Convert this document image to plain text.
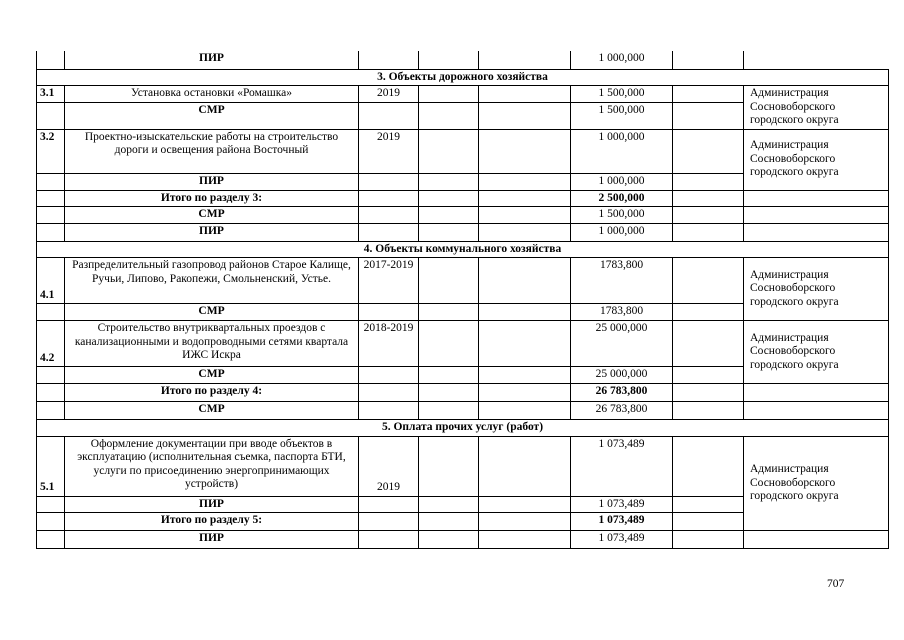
	ПИР				1 000,000		
3. Объекты дорожного хозяйства							
3.1	Установка остановки «Ромашка»	2019			1 500,000		Администрация Сосновоборского городского округа
	СМР				1 500,000		
3.2	Проектно-изыскательские работы на строительство дороги и освещения района Восточный	2019			1 000,000		Администрация Сосновоборского городского округа
	ПИР				1 000,000		
	Итого по разделу 3:				2 500,000		
	СМР				1 500,000		
	ПИР				1 000,000		
4. Объекты коммунального хозяйства							
4.1	Разпределительный газопровод районов Старое Калище, Ручьи, Липово, Ракопежи, Смольненский, Устье.	2017-2019			1783,800		Администрация Сосновоборского городского округа
	СМР				1783,800		
4.2	Строительство внутриквартальных проездов с канализационными и водопроводными сетями квартала ИЖС Искра	2018-2019			25 000,000		Администрация Сосновоборского городского округа
	СМР				25 000,000		
	Итого по разделу 4:				26 783,800		
	СМР				26 783,800		
5. Оплата прочих услуг (работ)							
5.1	Оформление документации при вводе объектов в эксплуатацию (исполнительная съемка, паспорта БТИ, услуги по присоединению энергопринимающих устройств)	2019			1 073,489		Администрация Сосновоборского городского округа
	ПИР				1 073,489		
	Итого по разделу 5:				1 073,489		
	ПИР				1 073,489		
707
